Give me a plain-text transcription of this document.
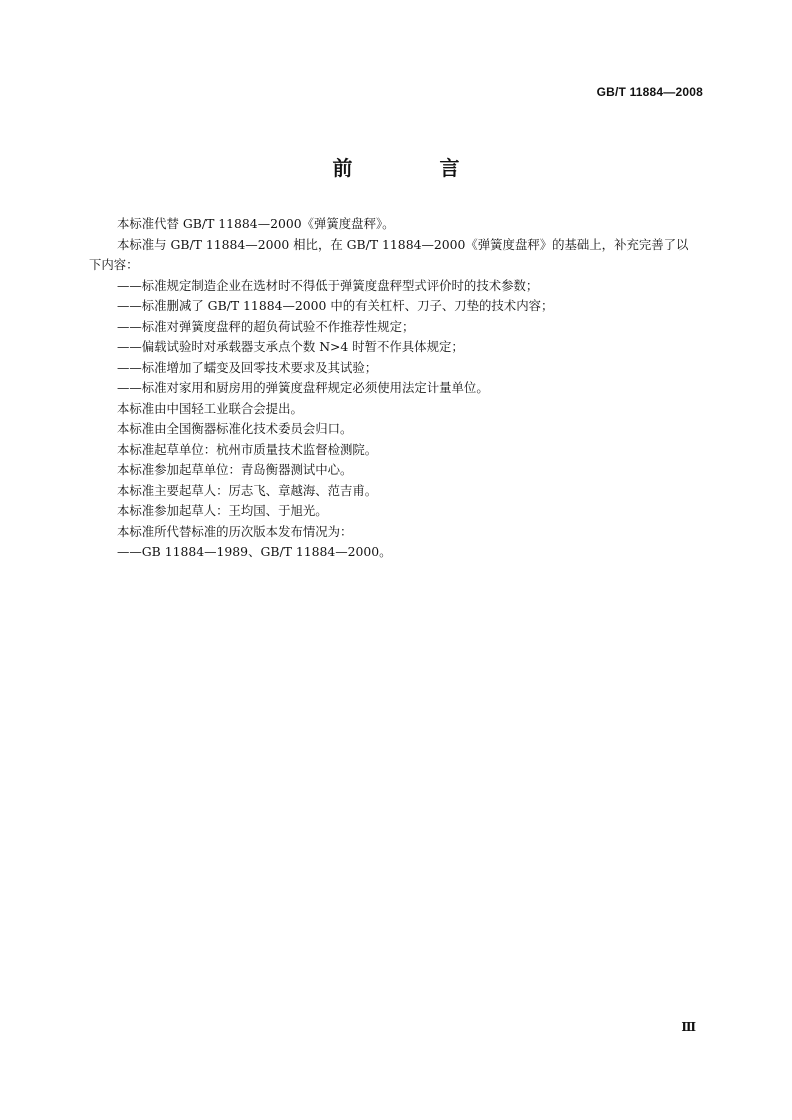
GB/T 11884—2008
前 言

本标准代替 GB/T 11884—2000《弹簧度盘秤》。

本标准与 GB/T 11884—2000 相比，在 GB/T 11884—2000《弹簧度盘秤》的基础上，补充完善了以

下内容：

——标准规定制造企业在选材时不得低于弹簧度盘秤型式评价时的技术参数；

——标准删减了 GB/T 11884—2000 中的有关杠杆、刀子、刀垫的技术内容；

——标准对弹簧度盘秤的超负荷试验不作推荐性规定；

——偏载试验时对承载器支承点个数 N>4 时暂不作具体规定；

——标准增加了蠕变及回零技术要求及其试验；

——标准对家用和厨房用的弹簧度盘秤规定必须使用法定计量单位。

本标准由中国轻工业联合会提出。

本标准由全国衡器标准化技术委员会归口。

本标准起草单位：杭州市质量技术监督检测院。

本标准参加起草单位：青岛衡器测试中心。

本标准主要起草人：厉志飞、章越海、范吉甫。

本标准参加起草人：王均国、于旭光。

本标准所代替标准的历次版本发布情况为：

——GB 11884—1989、GB/T 11884—2000。

Ⅲ
